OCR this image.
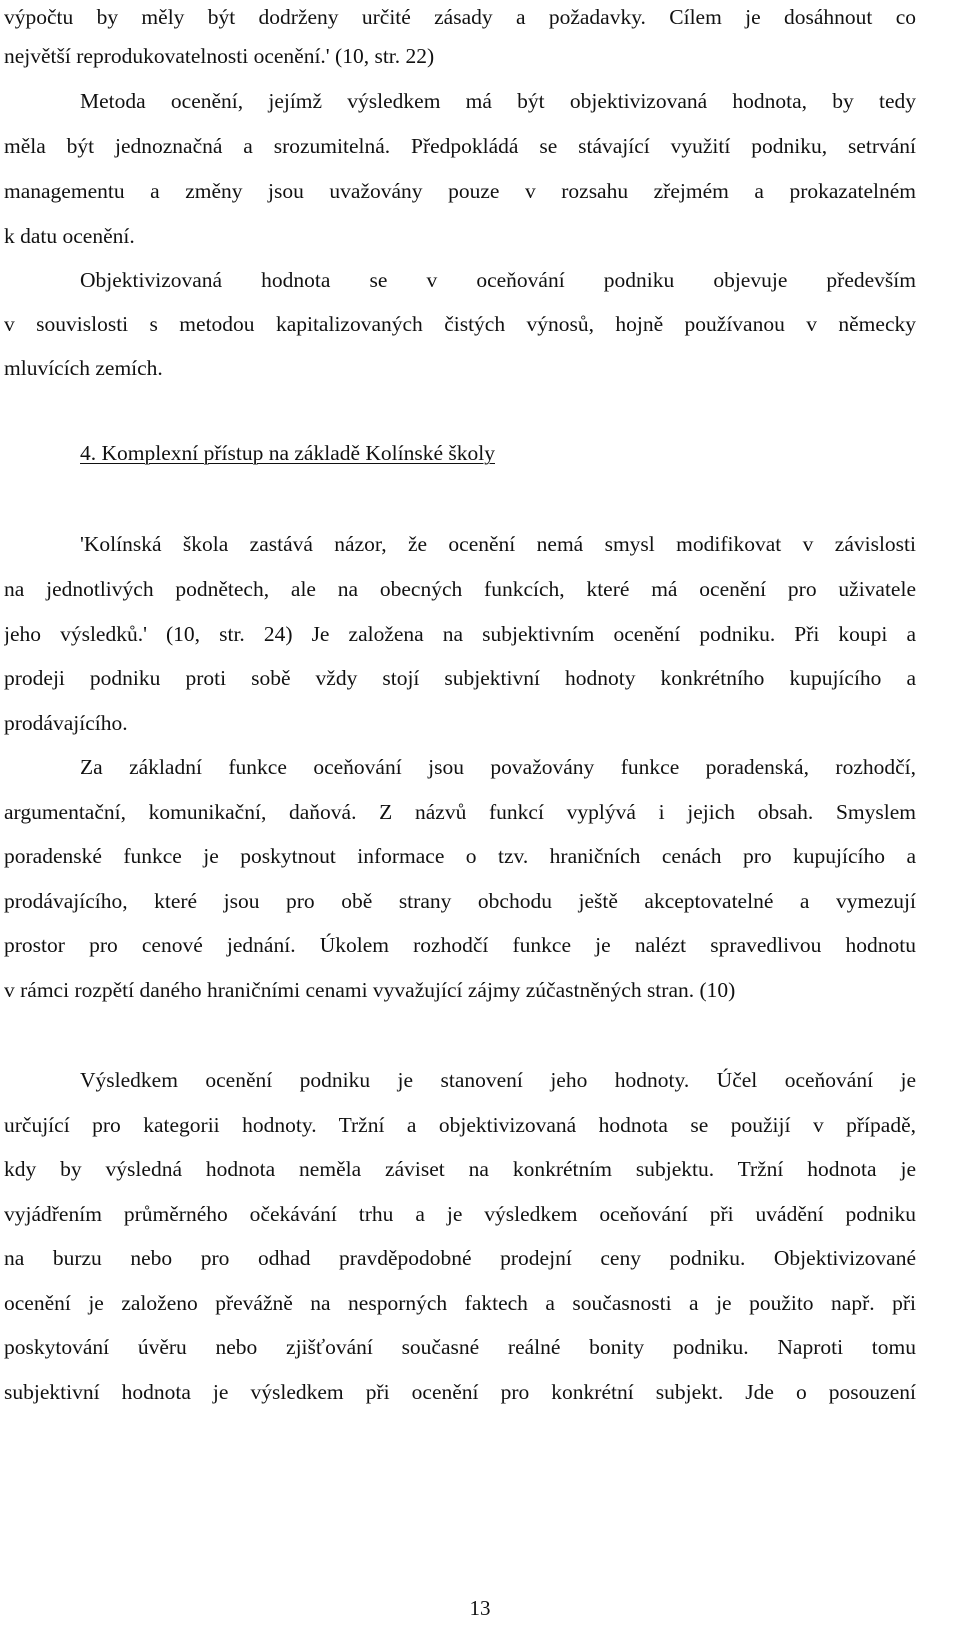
výpočtu by měly být dodrženy určité zásady a požadavky. Cílem je dosáhnout co
největší reprodukovatelnosti ocenění.' (10, str. 22)
Metoda ocenění, jejímž výsledkem má být objektivizovaná hodnota, by tedy
měla být jednoznačná a srozumitelná. Předpokládá se stávající využití podniku, setrvání
managementu a změny jsou uvažovány pouze v rozsahu zřejmém a prokazatelném
k datu ocenění.
Objektivizovaná hodnota se v oceňování podniku objevuje především
v souvislosti s metodou kapitalizovaných čistých výnosů, hojně používanou v německy
mluvících zemích.
4. Komplexní přístup na základě Kolínské školy
'Kolínská škola zastává názor, že ocenění nemá smysl modifikovat v závislosti
na jednotlivých podnětech, ale na obecných funkcích, které má ocenění pro uživatele
jeho výsledků.' (10, str. 24) Je založena na subjektivním ocenění podniku. Při koupi a
prodeji podniku proti sobě vždy stojí subjektivní hodnoty konkrétního kupujícího a
prodávajícího.
Za základní funkce oceňování jsou považovány funkce poradenská, rozhodčí,
argumentační, komunikační, daňová. Z názvů funkcí vyplývá i jejich obsah. Smyslem
poradenské funkce je poskytnout informace o tzv. hraničních cenách pro kupujícího a
prodávajícího, které jsou pro obě strany obchodu ještě akceptovatelné a vymezují
prostor pro cenové jednání. Úkolem rozhodčí funkce je nalézt spravedlivou hodnotu
v rámci rozpětí daného hraničními cenami vyvažující zájmy zúčastněných stran. (10)
Výsledkem ocenění podniku je stanovení jeho hodnoty. Účel oceňování je
určující pro kategorii hodnoty. Tržní a objektivizovaná hodnota se použijí v případě,
kdy by výsledná hodnota neměla záviset na konkrétním subjektu. Tržní hodnota je
vyjádřením průměrného očekávání trhu a je výsledkem oceňování při uvádění podniku
na burzu nebo pro odhad pravděpodobné prodejní ceny podniku. Objektivizované
ocenění je založeno převážně na nesporných faktech a současnosti a je použito např. při
poskytování úvěru nebo zjišťování současné reálné bonity podniku. Naproti tomu
subjektivní hodnota je výsledkem při ocenění pro konkrétní subjekt. Jde o posouzení
13
